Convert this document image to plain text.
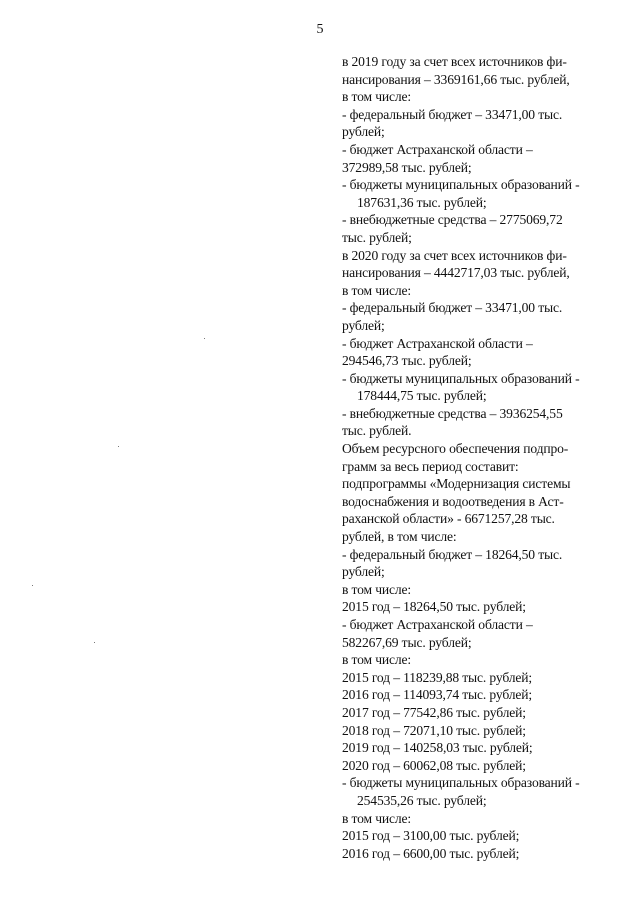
5
в 2019 году за счет всех источников фи-
нансирования – 3369161,66 тыс. рублей,
в том числе:
- федеральный бюджет – 33471,00 тыс.
рублей;
- бюджет Астраханской области –
372989,58 тыс. рублей;
- бюджеты муниципальных образований -
187631,36 тыс. рублей;
- внебюджетные средства – 2775069,72
тыс. рублей;
в 2020 году за счет всех источников фи-
нансирования – 4442717,03 тыс. рублей,
в том числе:
- федеральный бюджет – 33471,00 тыс.
рублей;
- бюджет Астраханской области –
294546,73 тыс. рублей;
- бюджеты муниципальных образований -
178444,75 тыс. рублей;
- внебюджетные средства – 3936254,55
тыс. рублей.
Объем ресурсного обеспечения подпро-
грамм за весь период составит:
подпрограммы «Модернизация системы
водоснабжения и водоотведения в Аст-
раханской области» - 6671257,28 тыс.
рублей, в том числе:
- федеральный бюджет – 18264,50 тыс.
рублей;
в том числе:
2015 год – 18264,50 тыс. рублей;
- бюджет Астраханской области –
582267,69 тыс. рублей;
в том числе:
2015 год – 118239,88 тыс. рублей;
2016 год – 114093,74 тыс. рублей;
2017 год – 77542,86 тыс. рублей;
2018 год – 72071,10 тыс. рублей;
2019 год – 140258,03 тыс. рублей;
2020 год – 60062,08 тыс. рублей;
- бюджеты муниципальных образований -
254535,26 тыс. рублей;
в том числе:
2015 год – 3100,00 тыс. рублей;
2016 год – 6600,00 тыс. рублей;
